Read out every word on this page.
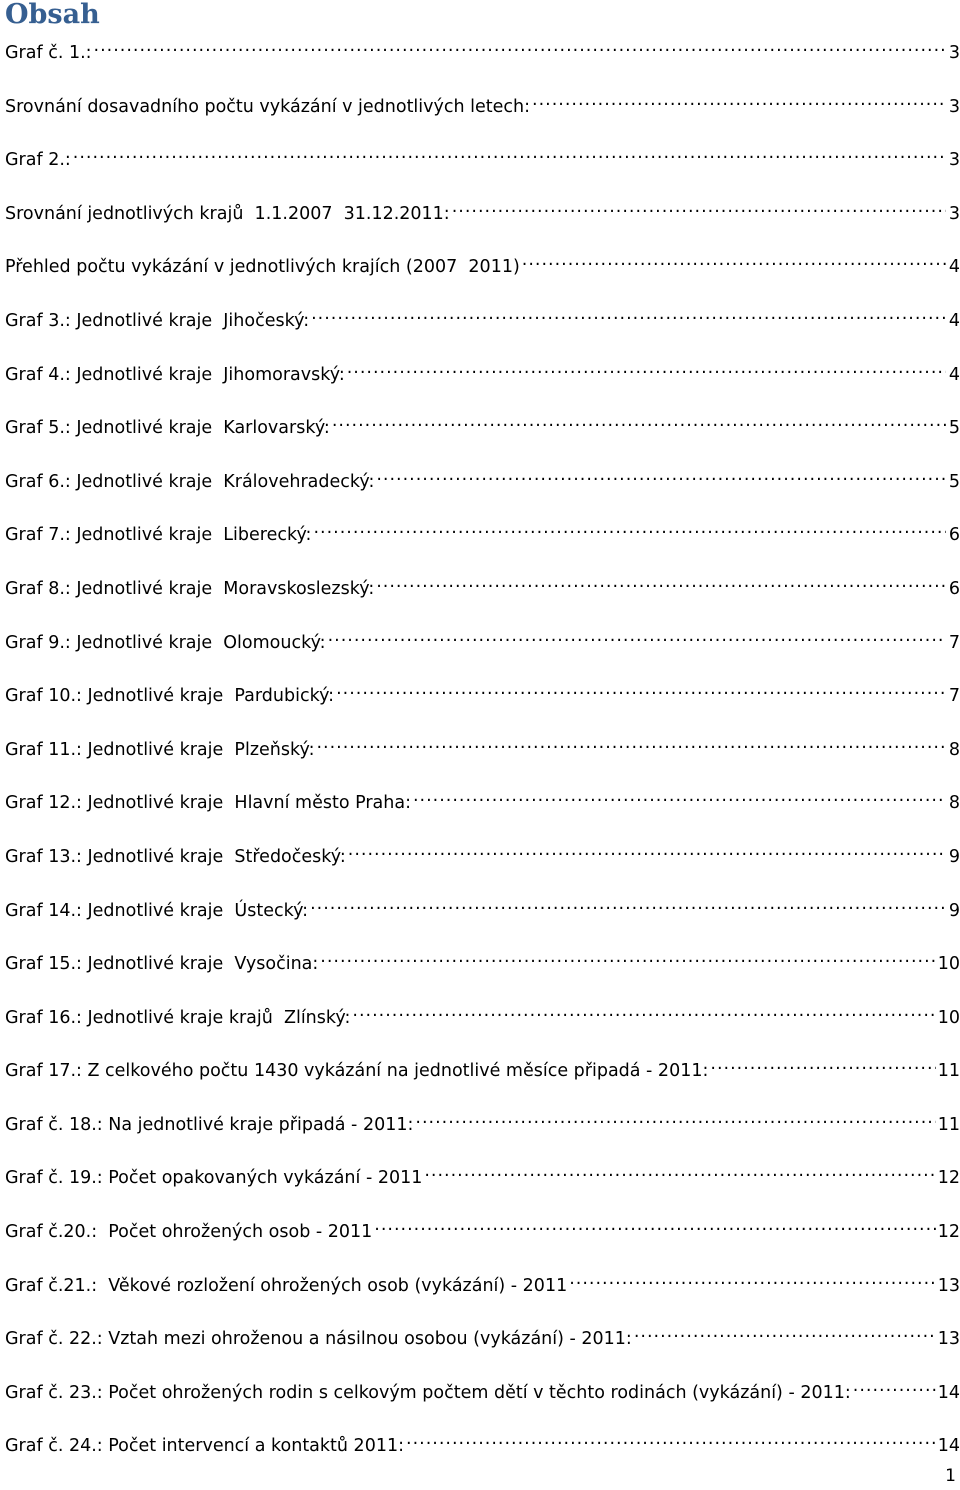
Obsah
Graf č. 1.: .....	3
Srovnání dosavadního počtu vykázání v jednotlivých letech: .....	3
Graf 2.: .....	3
Srovnání jednotlivých krajů  1.1.2007  31.12.2011: .....	3
Přehled počtu vykázání v jednotlivých krajích (2007  2011) .....	4
Graf 3.: Jednotlivé kraje  Jihočeský: .....	4
Graf 4.: Jednotlivé kraje  Jihomoravský: .....	4
Graf 5.: Jednotlivé kraje  Karlovarský: .....	5
Graf 6.: Jednotlivé kraje  Královehradecký: .....	5
Graf 7.: Jednotlivé kraje  Liberecký: .....	6
Graf 8.: Jednotlivé kraje  Moravskoslezský: .....	6
Graf 9.: Jednotlivé kraje  Olomoucký: .....	7
Graf 10.: Jednotlivé kraje  Pardubický: .....	7
Graf 11.: Jednotlivé kraje  Plzeňský: .....	8
Graf 12.: Jednotlivé kraje  Hlavní město Praha: .....	8
Graf 13.: Jednotlivé kraje  Středočeský: .....	9
Graf 14.: Jednotlivé kraje  Ústecký: .....	9
Graf 15.: Jednotlivé kraje  Vysočina: .....	10
Graf 16.: Jednotlivé kraje krajů  Zlínský: .....	10
Graf 17.: Z celkového počtu 1430 vykázání na jednotlivé měsíce připadá - 2011: .....	11
Graf č. 18.: Na jednotlivé kraje připadá - 2011: .....	11
Graf č. 19.: Počet opakovaných vykázání - 2011 .....	12
Graf č.20.:  Počet ohrožených osob - 2011 .....	12
Graf č.21.:  Věkové rozložení ohrožených osob (vykázání) - 2011 .....	13
Graf č. 22.: Vztah mezi ohroženou a násilnou osobou (vykázání) - 2011: .....	13
Graf č. 23.: Počet ohrožených rodin s celkovým počtem dětí v těchto rodinách (vykázání) - 2011: .....	14
Graf č. 24.: Počet intervencí a kontaktů 2011: .....	14
1
